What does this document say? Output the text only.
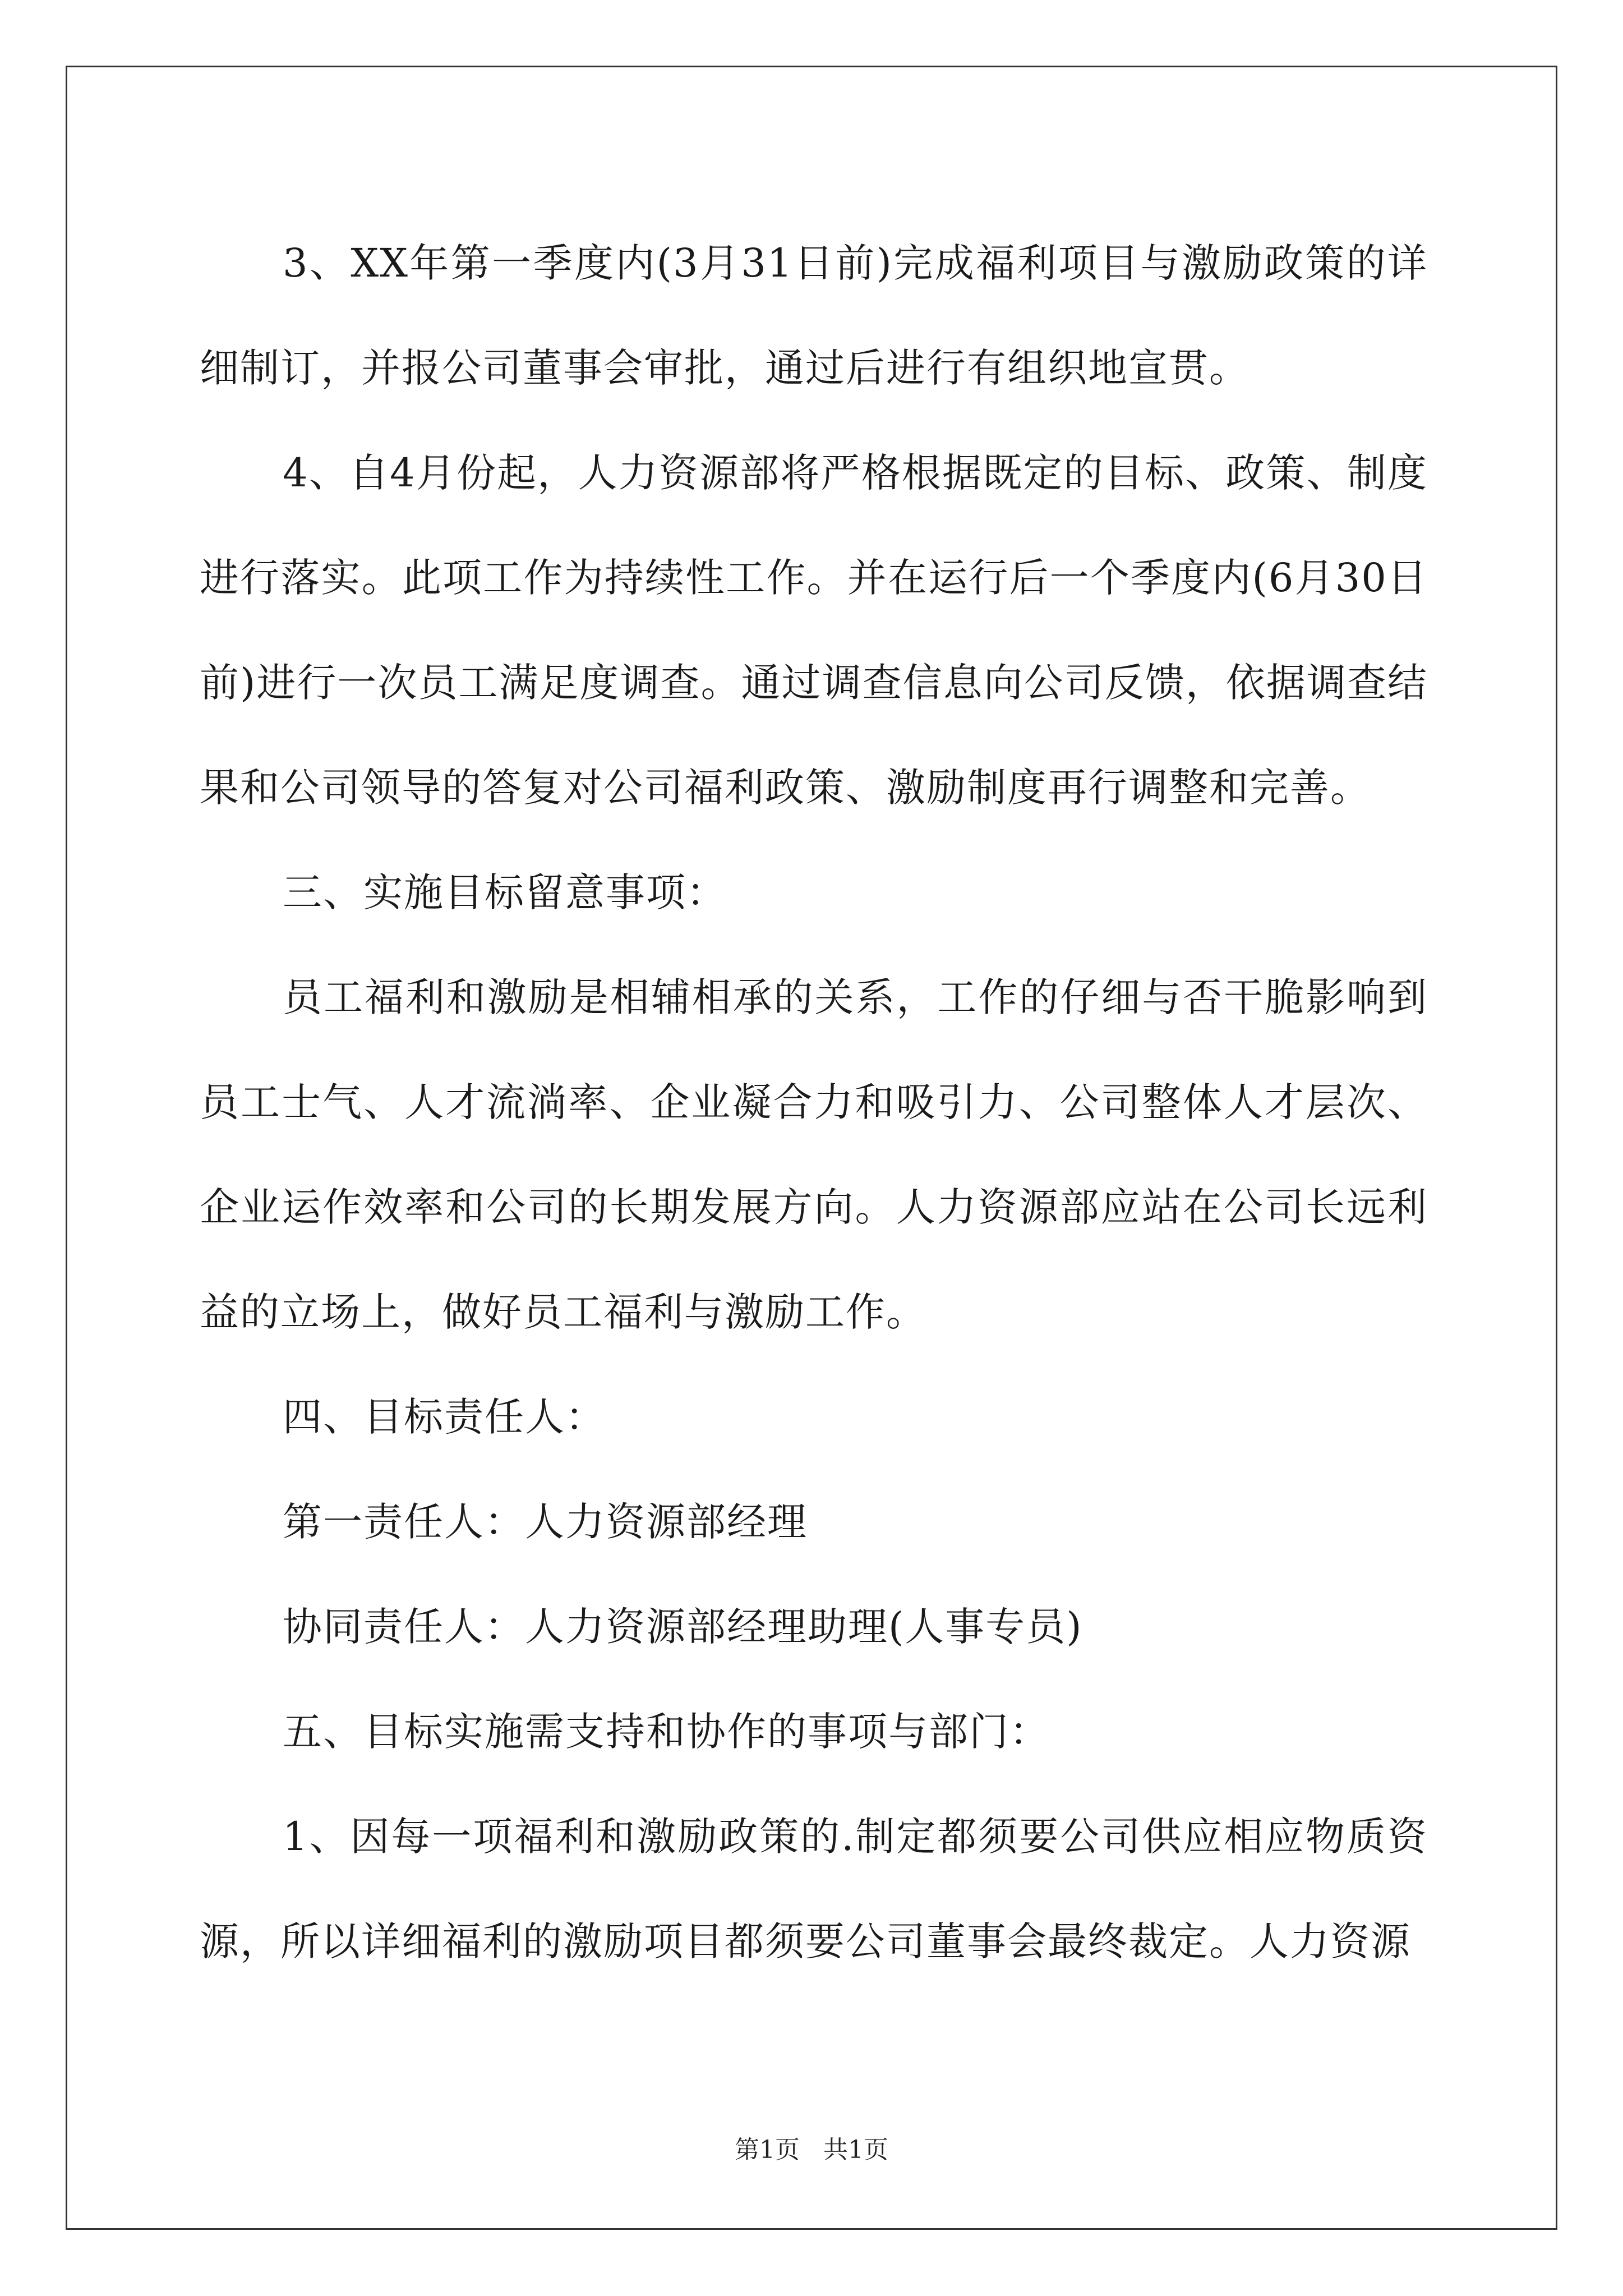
3、XX年第一季度内(3月31日前)完成福利项目与激励政策的详细制订，并报公司董事会审批，通过后进行有组织地宣贯。

4、自4月份起，人力资源部将严格根据既定的目标、政策、制度进行落实。此项工作为持续性工作。并在运行后一个季度内(6月30日前)进行一次员工满足度调查。通过调查信息向公司反馈，依据调查结果和公司领导的答复对公司福利政策、激励制度再行调整和完善。

三、实施目标留意事项：

员工福利和激励是相辅相承的关系，工作的仔细与否干脆影响到员工士气、人才流淌率、企业凝合力和吸引力、公司整体人才层次、企业运作效率和公司的长期发展方向。人力资源部应站在公司长远利益的立场上，做好员工福利与激励工作。

四、目标责任人：

第一责任人：人力资源部经理

协同责任人：人力资源部经理助理(人事专员)

五、目标实施需支持和协作的事项与部门：

1、因每一项福利和激励政策的.制定都须要公司供应相应物质资源，所以详细福利的激励项目都须要公司董事会最终裁定。人力资源

第1页   共1页
